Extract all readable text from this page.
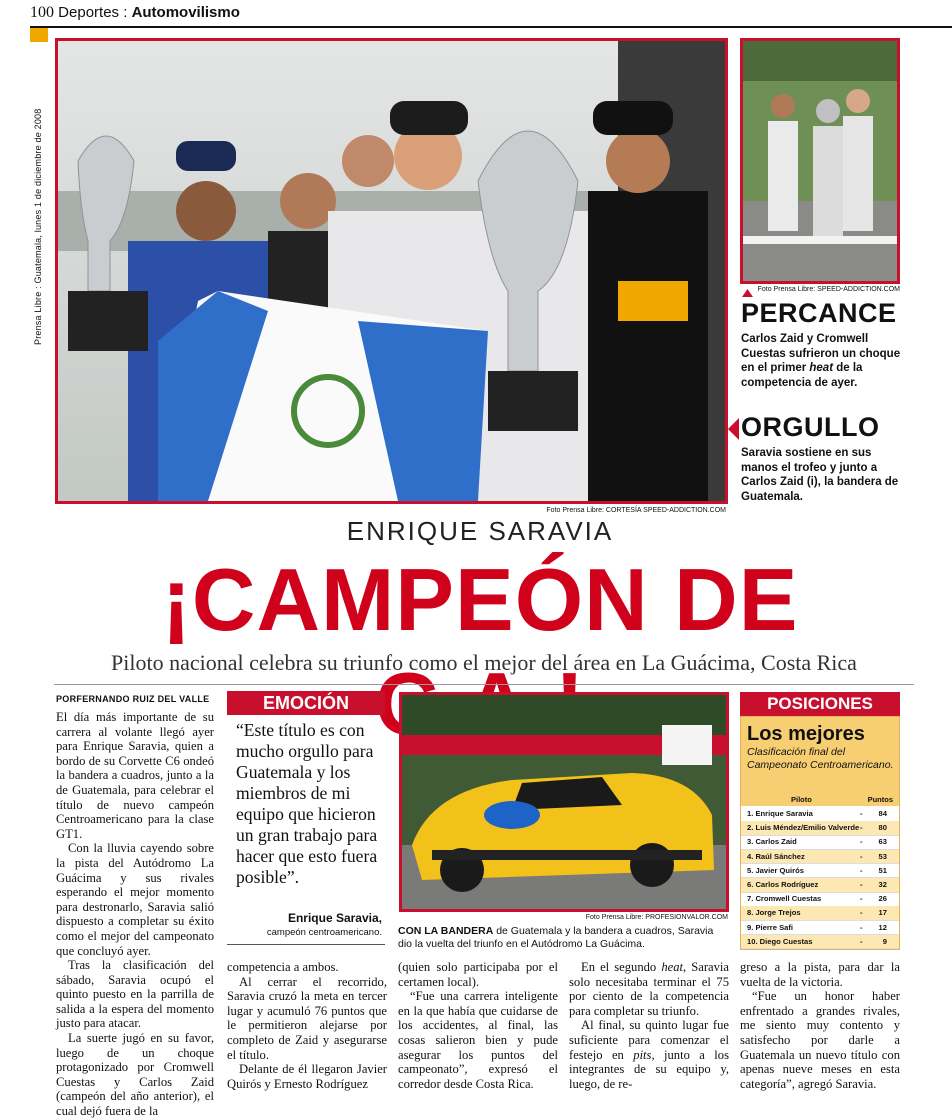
100 Deportes : Automovilismo
Prensa Libre : Guatemala, lunes 1 de diciembre de 2008
Foto Prensa Libre: CORTESÍA SPEED-ADDICTION.COM
Foto Prensa Libre: SPEED-ADDICTION.COM
PERCANCE
Carlos Zaid y Cromwell Cuestas sufrieron un choque en el primer heat de la competencia de ayer.
ORGULLO
Saravia sostiene en sus manos el trofeo y junto a Carlos Zaid (i), la bandera de Guatemala.
ENRIQUE SARAVIA
¡CAMPEÓN DE
Piloto nacional celebra su triunfo como el mejor del área en La Guácima, Costa Rica
PORFERNANDO RUIZ DEL VALLE

El día más importante de su carrera al volante llegó ayer para Enrique Saravia, quien a bordo de su Corvette C6 ondeó la bandera a cuadros, junto a la de Guatemala, para celebrar el título de nuevo campeón Centroamericano para la clase GT1.

Con la lluvia cayendo sobre la pista del Autódromo La Guácima y sus rivales esperando el mejor momento para destronarlo, Saravia salió dispuesto a completar su éxito como el mejor del campeonato que concluyó ayer.

Tras la clasificación del sábado, Saravia ocupó el quinto puesto en la parrilla de salida a la espera del momento justo para atacar.

La suerte jugó en su favor, luego de un choque protagonizado por Cromwell Cuestas y Carlos Zaid (campeón del año anterior), el cual dejó fuera de la

EMOCIÓN
“Este título es con mucho orgullo para Guatemala y los miembros de mi equipo que hicieron un gran trabajo para hacer que esto fuera posible”.
Enrique Saravia,
campeón centroamericano.

competencia a ambos.

Al cerrar el recorrido, Saravia cruzó la meta en tercer lugar y acumuló 76 puntos que le permitieron alejarse por completo de Zaid y asegurarse el título.

Delante de él llegaron Javier Quirós y Ernesto Rodríguez

Foto Prensa Libre: PROFESIONVALOR.COM
CON LA BANDERA de Guatemala y la bandera a cuadros, Saravia dio la vuelta del triunfo en el Autódromo La Guácima.

(quien solo participaba por el certamen local).

“Fue una carrera inteligente en la que había que cuidarse de los accidentes, al final, las cosas salieron bien y pude asegurar los puntos del campeonato”, expresó el corredor desde Costa Rica.

En el segundo heat, Saravia solo necesitaba terminar el 75 por ciento de la competencia para completar su triunfo.

Al final, su quinto lugar fue suficiente para comenzar el festejo en pits, junto a los integrantes de su equipo y, luego, de re-

greso a la pista, para dar la vuelta de la victoria.

“Fue un honor haber enfrentado a grandes rivales, me siento muy contento y satisfecho por darle a Guatemala un nuevo título con apenas nueve meses en esta categoría”, agregó Saravia.

POSICIONES
Los mejores
Clasificación final del Campeonato Centroamericano.
Piloto	Puntos
1. Enrique Saravia	- 84
2. Luis Méndez/Emilio Valverde - 80
3. Carlos Zaid	- 63
4. Raúl Sánchez	- 53
5. Javier Quirós	- 51
6. Carlos Rodríguez	- 32
7. Cromwell Cuestas	- 26
8. Jorge Trejos	- 17
9. Pierre Safi	- 12
10. Diego Cuestas	-	9
